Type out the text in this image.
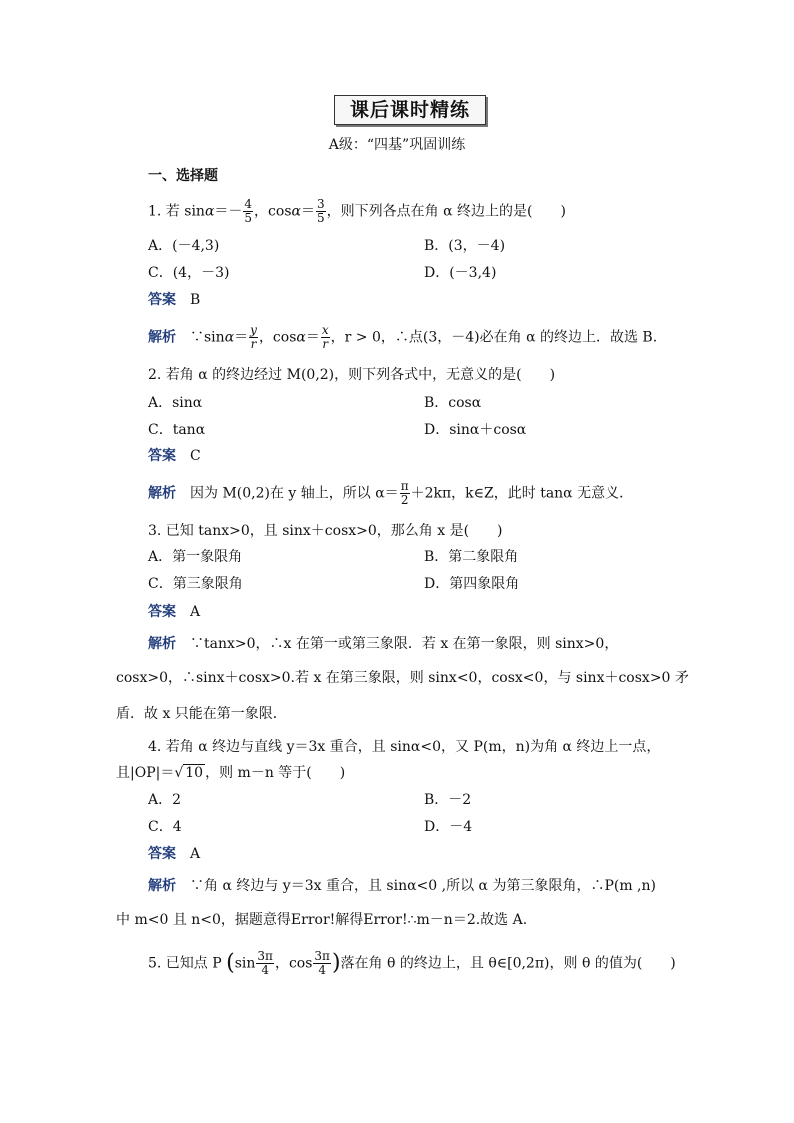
课后课时精练
A级：“四基”巩固训练
一、选择题
1. 若 $\sin\alpha=- \frac{4}{5}$ ，$\cos\alpha= \frac{3}{5}$ ，则下列各点在角 α 终边上的是(　　)
A．(－4,3)	B．(3，－4)
C．(4，－3)	D．(－3,4)
答案　 B
解析　 ∵sinα＝ $\frac{y}{r}$ ，$\cos\alpha= \frac{x}{r}$ ，r > 0，∴点(3，－4)必在角 α 的终边上．故选 B.
2. 若角 α 的终边经过 M(0,2)，则下列各式中，无意义的是(　　)
A．sinα	B．cosα
C．tanα	D．sinα＋cosα
答案　 C
解析　 因为 M(0,2)在 y 轴上，所以 $\alpha= \frac{\pi}{2} +2k\pi$，k∈Z，此时 tanα 无意义．
3. 已知 tanx>0，且 sinx＋cosx>0，那么角 x 是(　　)
A．第一象限角	B．第二象限角
C．第三象限角	D．第四象限角
答案　 A
解析　 ∵tanx>0，∴x 在第一或第三象限．若 x 在第一象限，则 sinx>0，
cosx>0，∴sinx＋cosx>0.若 x 在第三象限，则 sinx<0，cosx<0，与 sinx＋cosx>0 矛
盾．故 x 只能在第一象限．
4. 若角 α 终边与直线 y＝3x 重合，且 sinα<0，又 P(m，n)为角 α 终边上一点，
且|OP|＝√ 10 ，则 m－n 等于(　　)
A．2	B．－2
C．4	D．－4
答案　 A
解析　 ∵角 α 终边与 y＝3x 重合，且 sinα<0 ,所以 α 为第三象限角，∴P(m ,n)
中 m<0 且 n<0，据题意得Error!解得Error!∴m－n＝2.故选 A.
5. 已知点 P ($\sin \frac{3\pi}{4}$ ，$\cos \frac{3\pi}{4}$ )落在角 θ 的终边上，且 θ∈[0,2π)，则 θ 的值为(　　)
